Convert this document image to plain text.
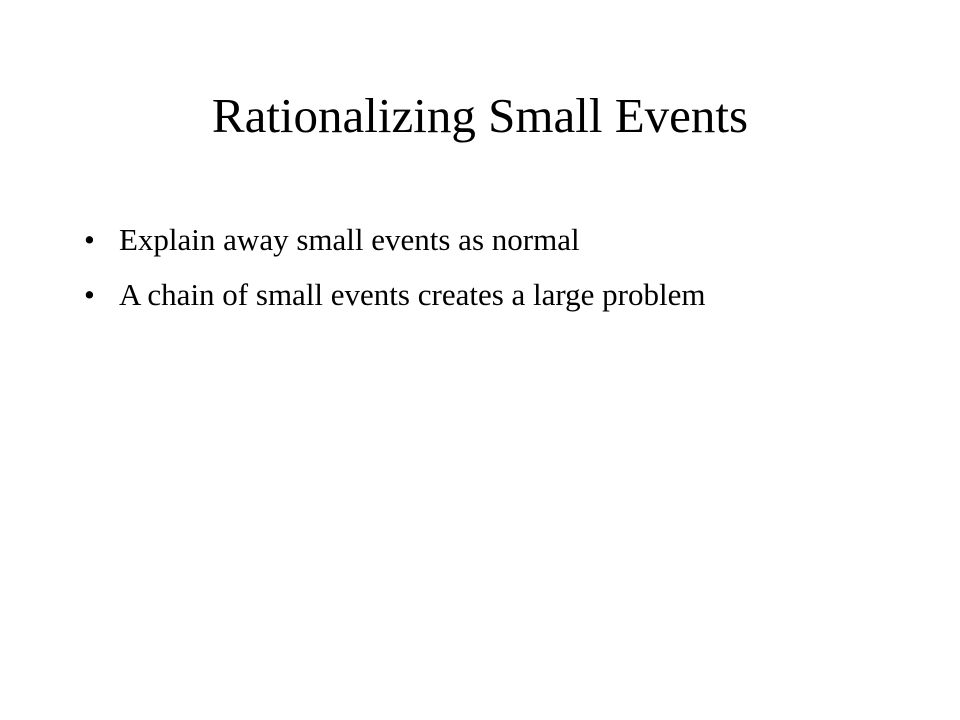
Rationalizing Small Events
• Explain away small events as normal
• A chain of small events creates a large problem
